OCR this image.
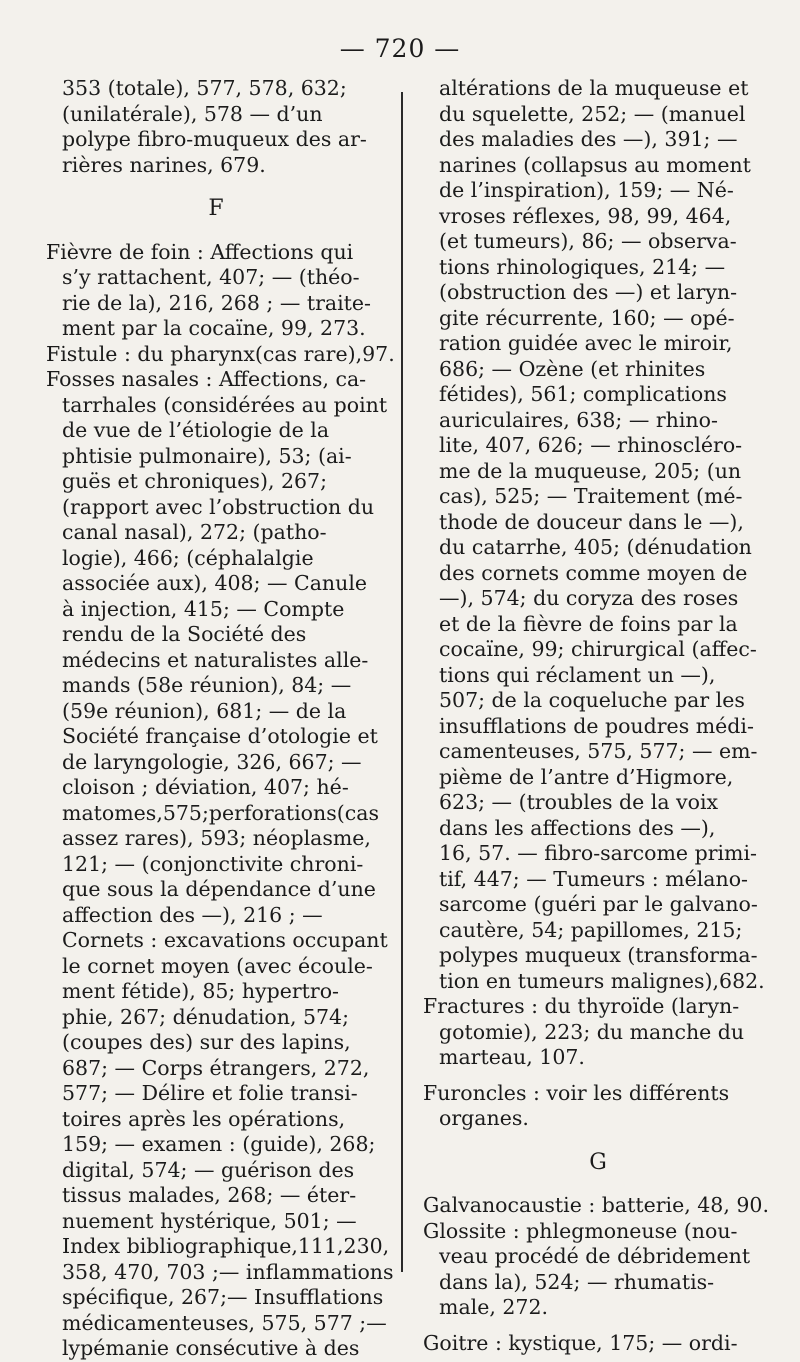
— 720 —
353 (totale), 577, 578, 632;
(unilatérale), 578 — d’un
polype fibro-muqueux des ar-
rières narines, 679.
F
Fièvre de foin : Affections qui
s’y rattachent, 407; — (théo-
rie de la), 216, 268 ; — traite-
ment par la cocaïne, 99, 273.
Fistule : du pharynx(cas rare),97.
Fosses nasales : Affections, ca-
tarrhales (considérées au point
de vue de l’étiologie de la
phtisie pulmonaire), 53; (ai-
guës et chroniques), 267;
(rapport avec l’obstruction du
canal nasal), 272; (patho-
logie), 466; (céphalalgie
associée aux), 408; — Canule
à injection, 415; — Compte
rendu de la Société des
médecins et naturalistes alle-
mands (58e réunion), 84; —
(59e réunion), 681; — de la
Société française d’otologie et
de laryngologie, 326, 667; —
cloison ; déviation, 407; hé-
matomes,575;perforations(cas
assez rares), 593; néoplasme,
121; — (conjonctivite chroni-
que sous la dépendance d’une
affection des —), 216 ; —
Cornets : excavations occupant
le cornet moyen (avec écoule-
ment fétide), 85; hypertro-
phie, 267; dénudation, 574;
(coupes des) sur des lapins,
687; — Corps étrangers, 272,
577; — Délire et folie transi-
toires après les opérations,
159; — examen : (guide), 268;
digital, 574; — guérison des
tissus malades, 268; — éter-
nuement hystérique, 501; —
Index bibliographique,111,230,
358, 470, 703 ;— inflammations
spécifique, 267;— Insufflations
médicamenteuses, 575, 577 ;—
lypémanie consécutive à des
altérations de la muqueuse et
du squelette, 252; — (manuel
des maladies des —), 391; —
narines (collapsus au moment
de l’inspiration), 159; — Né-
vroses réflexes, 98, 99, 464,
(et tumeurs), 86; — observa-
tions rhinologiques, 214; —
(obstruction des —) et laryn-
gite récurrente, 160; — opé-
ration guidée avec le miroir,
686; — Ozène (et rhinites
fétides), 561; complications
auriculaires, 638; — rhino-
lite, 407, 626; — rhinoscléro-
me de la muqueuse, 205; (un
cas), 525; — Traitement (mé-
thode de douceur dans le —),
du catarrhe, 405; (dénudation
des cornets comme moyen de
—), 574; du coryza des roses
et de la fièvre de foins par la
cocaïne, 99; chirurgical (affec-
tions qui réclament un —),
507; de la coqueluche par les
insufflations de poudres médi-
camenteuses, 575, 577; — em-
pième de l’antre d’Higmore,
623; — (troubles de la voix
dans les affections des —),
16, 57. — fibro-sarcome primi-
tif, 447; — Tumeurs : mélano-
sarcome (guéri par le galvano-
cautère, 54; papillomes, 215;
polypes muqueux (transforma-
tion en tumeurs malignes),682.
Fractures : du thyroïde (laryn-
gotomie), 223; du manche du
marteau, 107.
Furoncles : voir les différents
organes.
G
Galvanocaustie : batterie, 48, 90.
Glossite : phlegmoneuse (nou-
veau procédé de débridement
dans la), 524; — rhumatis-
male, 272.
Goitre : kystique, 175; — ordi-
